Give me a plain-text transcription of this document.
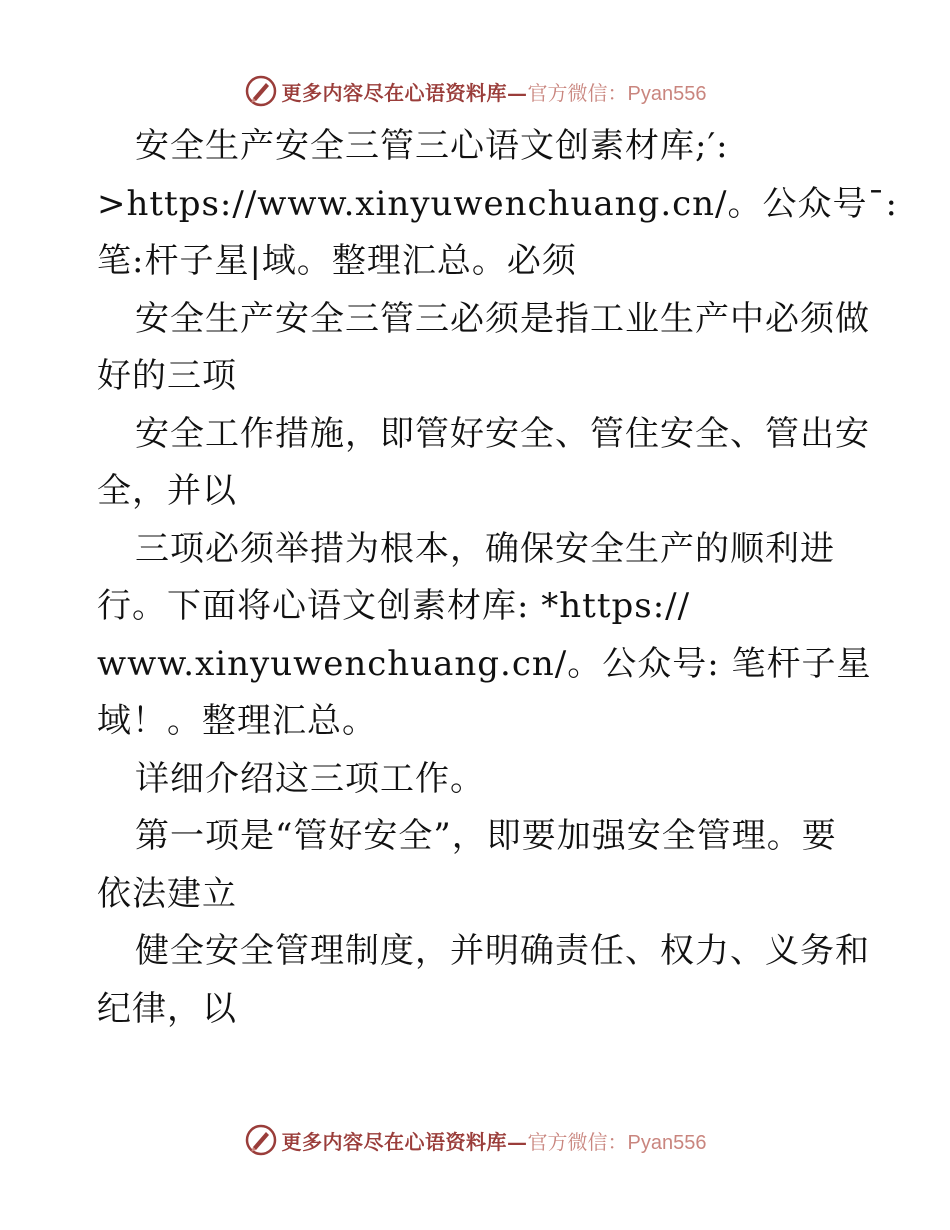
更多内容尽在心语资料库— 官方微信：Pyan556
安全生产安全三管三心语文创素材库;′:
>https://www.xinyuwenchuang.cn/。公众号¯:
笔:杆子星|域。整理汇总。必须
安全生产安全三管三必须是指工业生产中必须做
好的三项
安全工作措施，即管好安全、管住安全、管出安
全，并以
三项必须举措为根本，确保安全生产的顺利进
行。下面将心语文创素材库: *https://
www.xinyuwenchuang.cn/。公众号: 笔杆子星
域！。整理汇总。
详细介绍这三项工作。
第一项是“管好安全”，即要加强安全管理。要
依法建立
健全安全管理制度，并明确责任、权力、义务和
纪律，以
更多内容尽在心语资料库— 官方微信：Pyan556
